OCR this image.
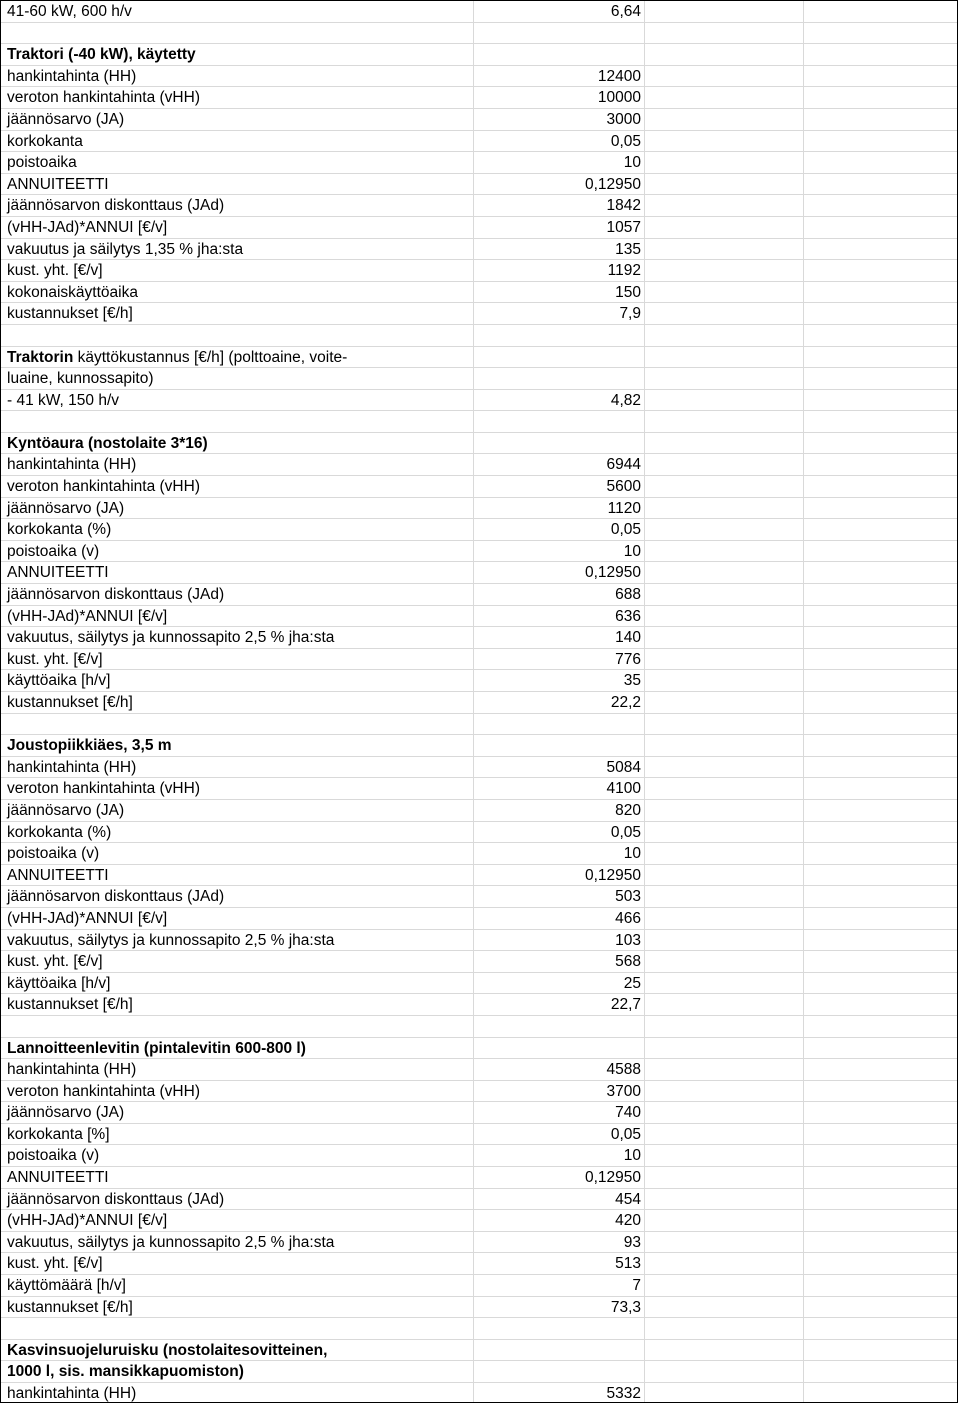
41-60 kW, 600 h/v	6,64
Traktori (-40 kW), käytetty
hankintahinta (HH)	12400
veroton hankintahinta (vHH)	10000
jäännösarvo (JA)	3000
korkokanta	0,05
poistoaika	10
ANNUITEETTI	0,12950
jäännösarvon diskonttaus (JAd)	1842
(vHH-JAd)*ANNUI [€/v]	1057
vakuutus ja säilytys 1,35 % jha:sta	135
kust. yht. [€/v]	1192
kokonaiskäyttöaika	150
kustannukset [€/h]	7,9
Traktorin käyttökustannus [€/h] (polttoaine, voite-
luaine, kunnossapito)
- 41 kW, 150 h/v	4,82
Kyntöaura (nostolaite 3*16)
hankintahinta (HH)	6944
veroton hankintahinta (vHH)	5600
jäännösarvo (JA)	1120
korkokanta (%)	0,05
poistoaika (v)	10
ANNUITEETTI	0,12950
jäännösarvon diskonttaus (JAd)	688
(vHH-JAd)*ANNUI [€/v]	636
vakuutus, säilytys ja kunnossapito 2,5 % jha:sta	140
kust. yht. [€/v]	776
käyttöaika [h/v]	35
kustannukset [€/h]	22,2
Joustopiikkiäes, 3,5 m
hankintahinta (HH)	5084
veroton hankintahinta (vHH)	4100
jäännösarvo (JA)	820
korkokanta (%)	0,05
poistoaika (v)	10
ANNUITEETTI	0,12950
jäännösarvon diskonttaus (JAd)	503
(vHH-JAd)*ANNUI [€/v]	466
vakuutus, säilytys ja kunnossapito 2,5 % jha:sta	103
kust. yht. [€/v]	568
käyttöaika [h/v]	25
kustannukset [€/h]	22,7
Lannoitteenlevitin (pintalevitin 600-800 l)
hankintahinta (HH)	4588
veroton hankintahinta (vHH)	3700
jäännösarvo (JA)	740
korkokanta [%]	0,05
poistoaika (v)	10
ANNUITEETTI	0,12950
jäännösarvon diskonttaus (JAd)	454
(vHH-JAd)*ANNUI [€/v]	420
vakuutus, säilytys ja kunnossapito 2,5 % jha:sta	93
kust. yht. [€/v]	513
käyttömäärä [h/v]	7
kustannukset [€/h]	73,3
Kasvinsuojeluruisku (nostolaitesovitteinen,
1000 l, sis. mansikkapuomiston)
hankintahinta (HH)	5332
